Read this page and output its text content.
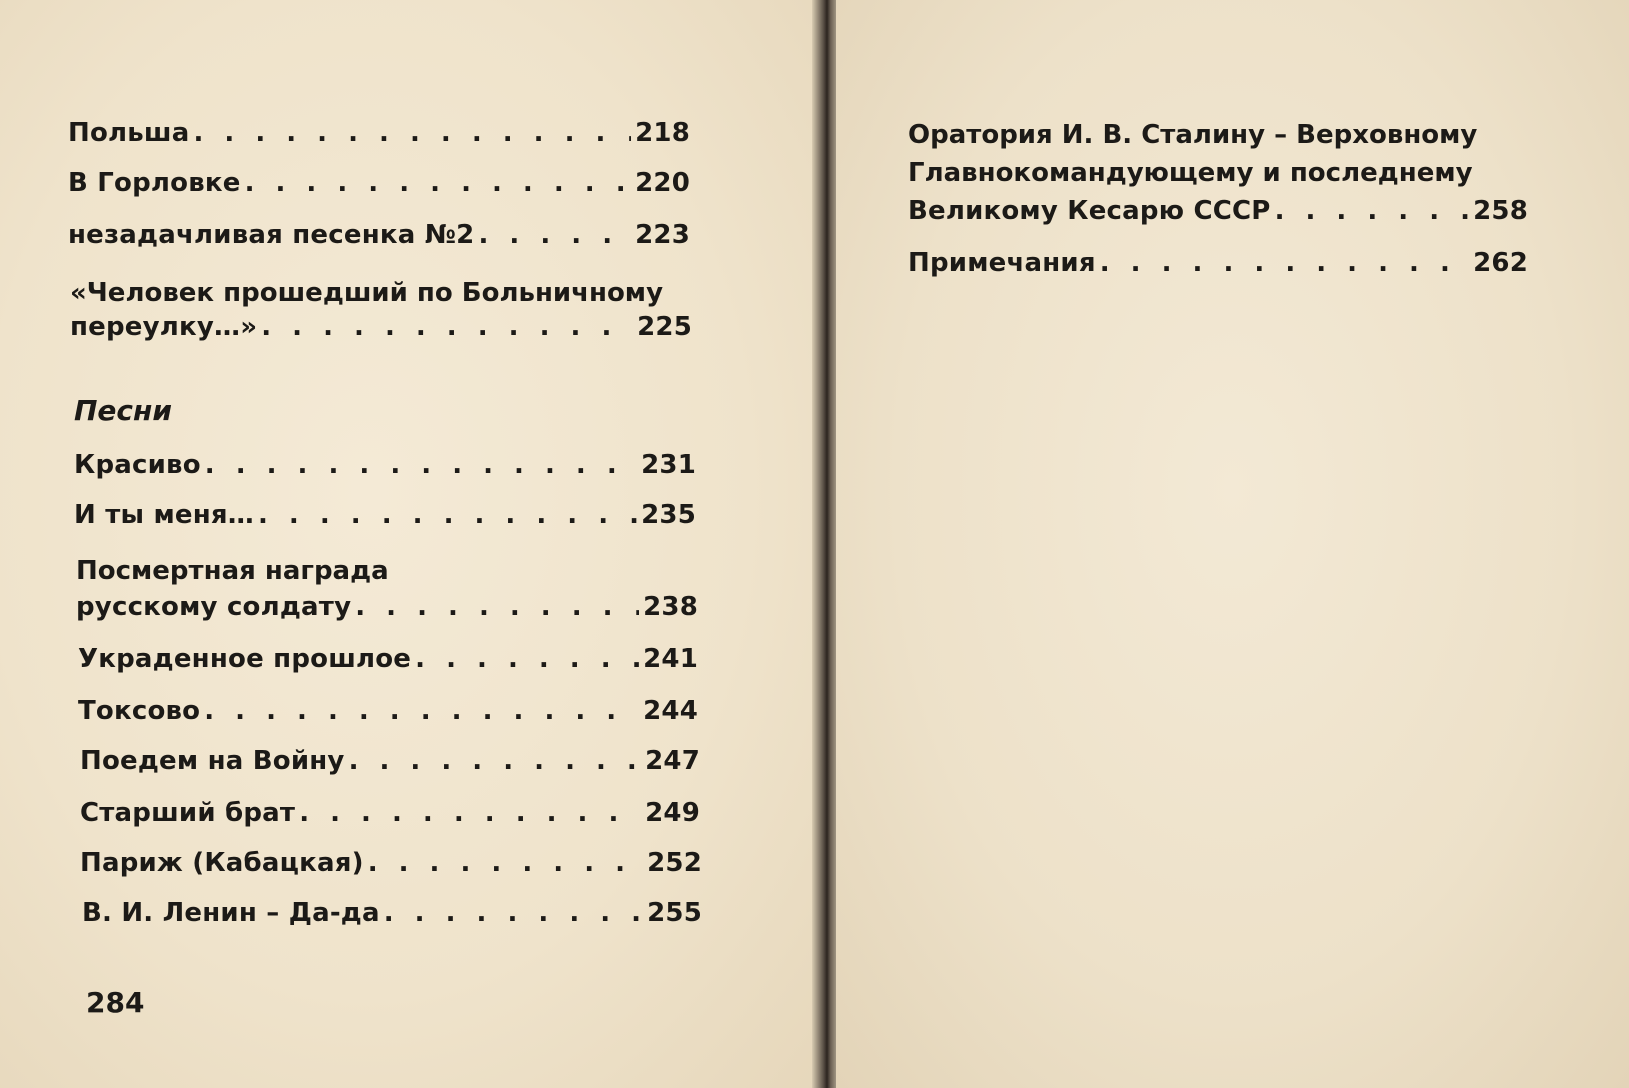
Польша . . .	218
В Горловке . . .	220
незадачливая песенка №2 . . .	223
«Человек прошедший по Больничному
переулку…» . . .	225
Песни
Красиво . . .	231
И ты меня… . . .	235
Посмертная награда
русскому солдату . . .	238
Украденное прошлое . . .	241
Токсово . . .	244
Поедем на Войну . . .	247
Старший брат . . .	249
Париж (Кабацкая) . . .	252
В. И. Ленин – Да-да . . .	255
284
Оратория И. В. Сталину – Верховному
Главнокомандующему и последнему
Великому Кесарю СССР . . .	258
Примечания . . .	262
